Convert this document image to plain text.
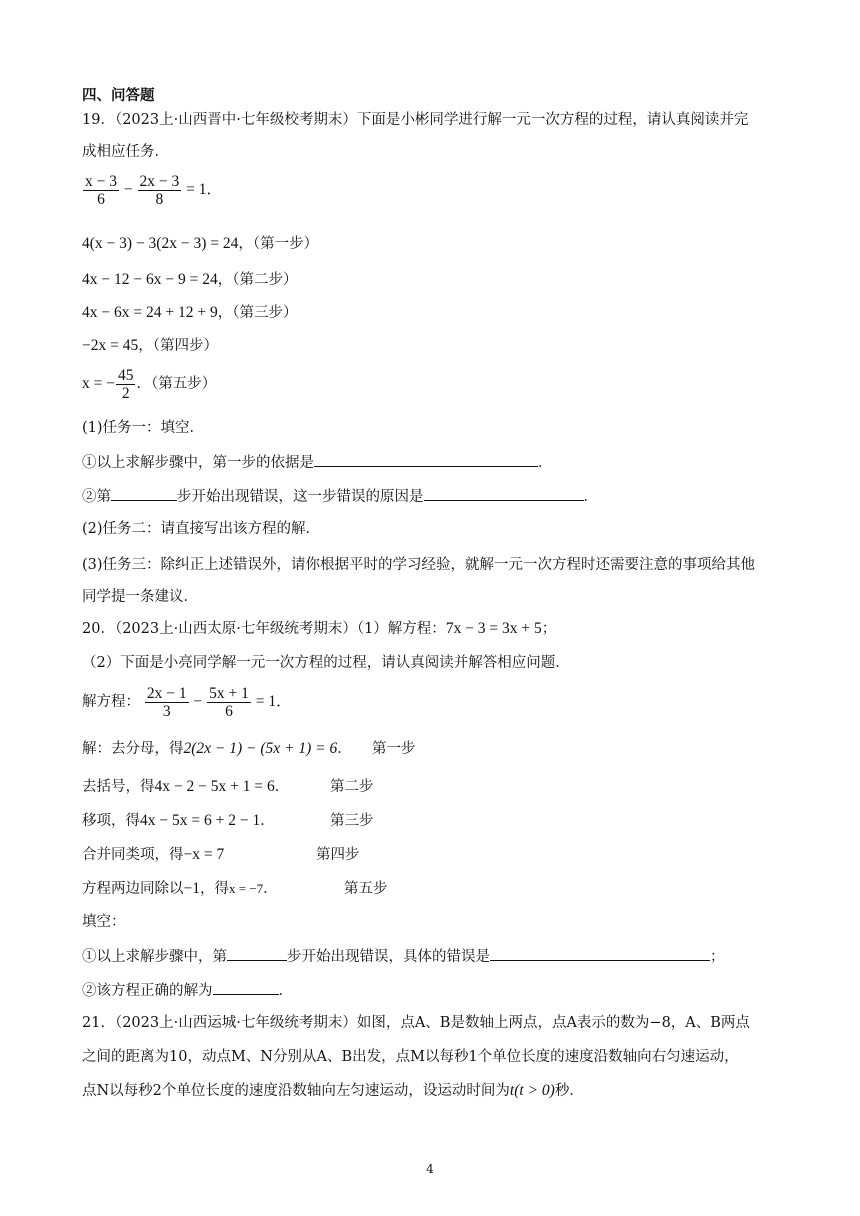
四、问答题
19．（2023上·山西晋中·七年级校考期末）下面是小彬同学进行解一元一次方程的过程，请认真阅读并完
成相应任务．
$\frac{x - 3}{6} - \frac{2x - 3}{8} = 1$．
4(x − 3) − 3(2x − 3) = 24，（第一步）
4x − 12 − 6x − 9 = 24，（第二步）
4x − 6x = 24 + 12 + 9，（第三步）
−2x = 45，（第四步）
x = − $\frac{45}{2}$ ．（第五步）
(1)任务一：填空．
①以上求解步骤中，第一步的依据是	．
②第	步开始出现错误，这一步错误的原因是	．
(2)任务二：请直接写出该方程的解．
(3)任务三：除纠正上述错误外，请你根据平时的学习经验，就解一元一次方程时还需要注意的事项给其他
同学提一条建议．
20．（2023上·山西太原·七年级统考期末）（1）解方程：7x − 3 = 3x + 5；
（2）下面是小亮同学解一元一次方程的过程，请认真阅读并解答相应问题．
解方程： $\frac{2x - 1}{3} - \frac{5x + 1}{6} = 1$．
解：去分母，得2(2x − 1) − (5x + 1) = 6． 第一步
去括号，得4x − 2 − 5x + 1 = 6．	第二步
移项，得4x − 5x = 6 + 2 − 1．	第三步
合并同类项，得−x = 7	第四步
方程两边同除以−1，得x = −7．	第五步
填空：
①以上求解步骤中，第	步开始出现错误，具体的错误是	；
②该方程正确的解为	．
21．（2023上·山西运城·七年级统考期末）如图，点A、B是数轴上两点，点A表示的数为−8，A、B两点
之间的距离为10，动点M、N分别从A、B出发，点M以每秒1个单位长度的速度沿数轴向右匀速运动，
点N以每秒2个单位长度的速度沿数轴向左匀速运动，设运动时间为t(t > 0)秒．
4
